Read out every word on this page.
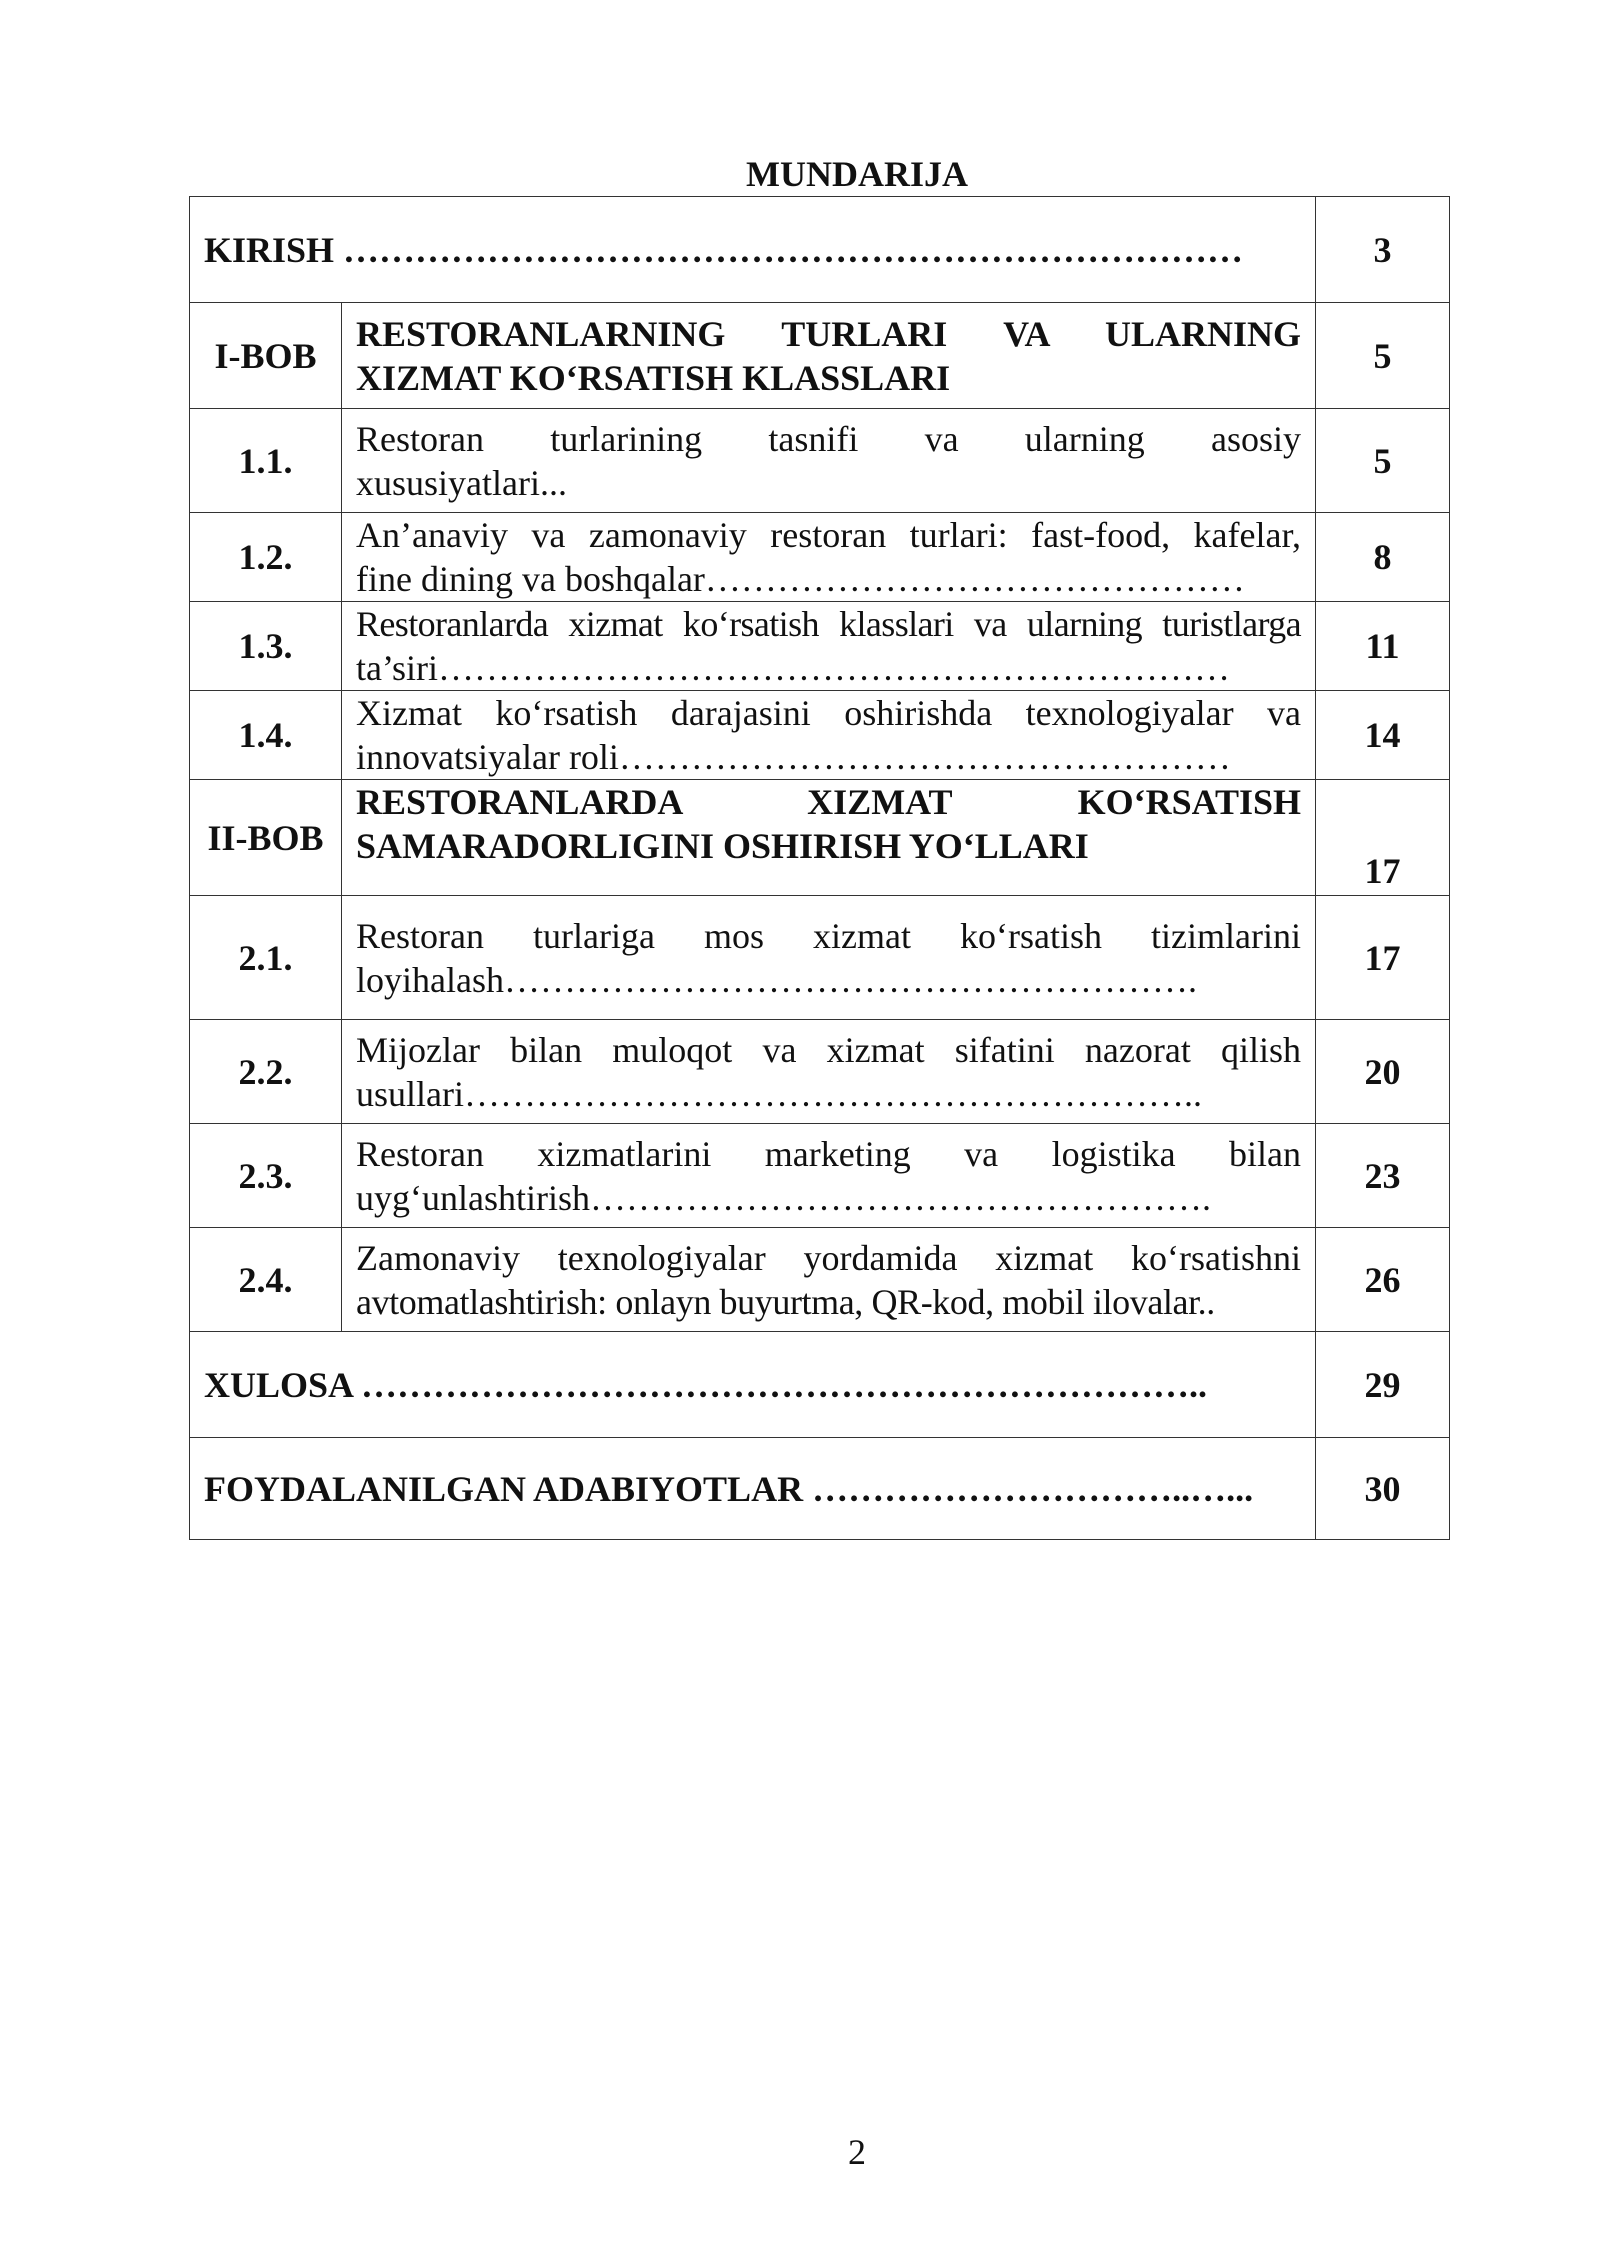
MUNDARIJA
KIRISH …………………………………………………………………		3
I-BOB	RESTORANLARNING TURLARI VA ULARNING
XIZMAT KO‘RSATISH KLASSLARI	5
1.1.	Restoran turlarining tasnifi va ularning asosiy
xususiyatlari...	5
1.2.	An’anaviy va zamonaviy restoran turlari: fast-food, kafelar,
fine dining va boshqalar………………………………………	8
1.3.	Restoranlarda xizmat ko‘rsatish klasslari va ularning turistlarga
ta’siri…………………………………………………………	11
1.4.	Xizmat ko‘rsatish darajasini oshirishda texnologiyalar va
innovatsiyalar roli……………………………………………	14
II-BOB	RESTORANLARDA XIZMAT KO‘RSATISH
SAMARADORLIGINI OSHIRISH YO‘LLARI	17
2.1.	Restoran turlariga mos xizmat ko‘rsatish tizimlarini
loyihalash………………………………………………….	17
2.2.	Mijozlar bilan muloqot va xizmat sifatini nazorat qilish
usullari……………………………………………………..	20
2.3.	Restoran xizmatlarini marketing va logistika bilan
uyg‘unlashtirish…………………………………………….	23
2.4.	Zamonaviy texnologiyalar yordamida xizmat ko‘rsatishni
avtomatlashtirish: onlayn buyurtma, QR-kod, mobil ilovalar..	26
XULOSA ……………………………………………………………..		29
FOYDALANILGAN ADABIYOTLAR …………………………..…...		30
2
